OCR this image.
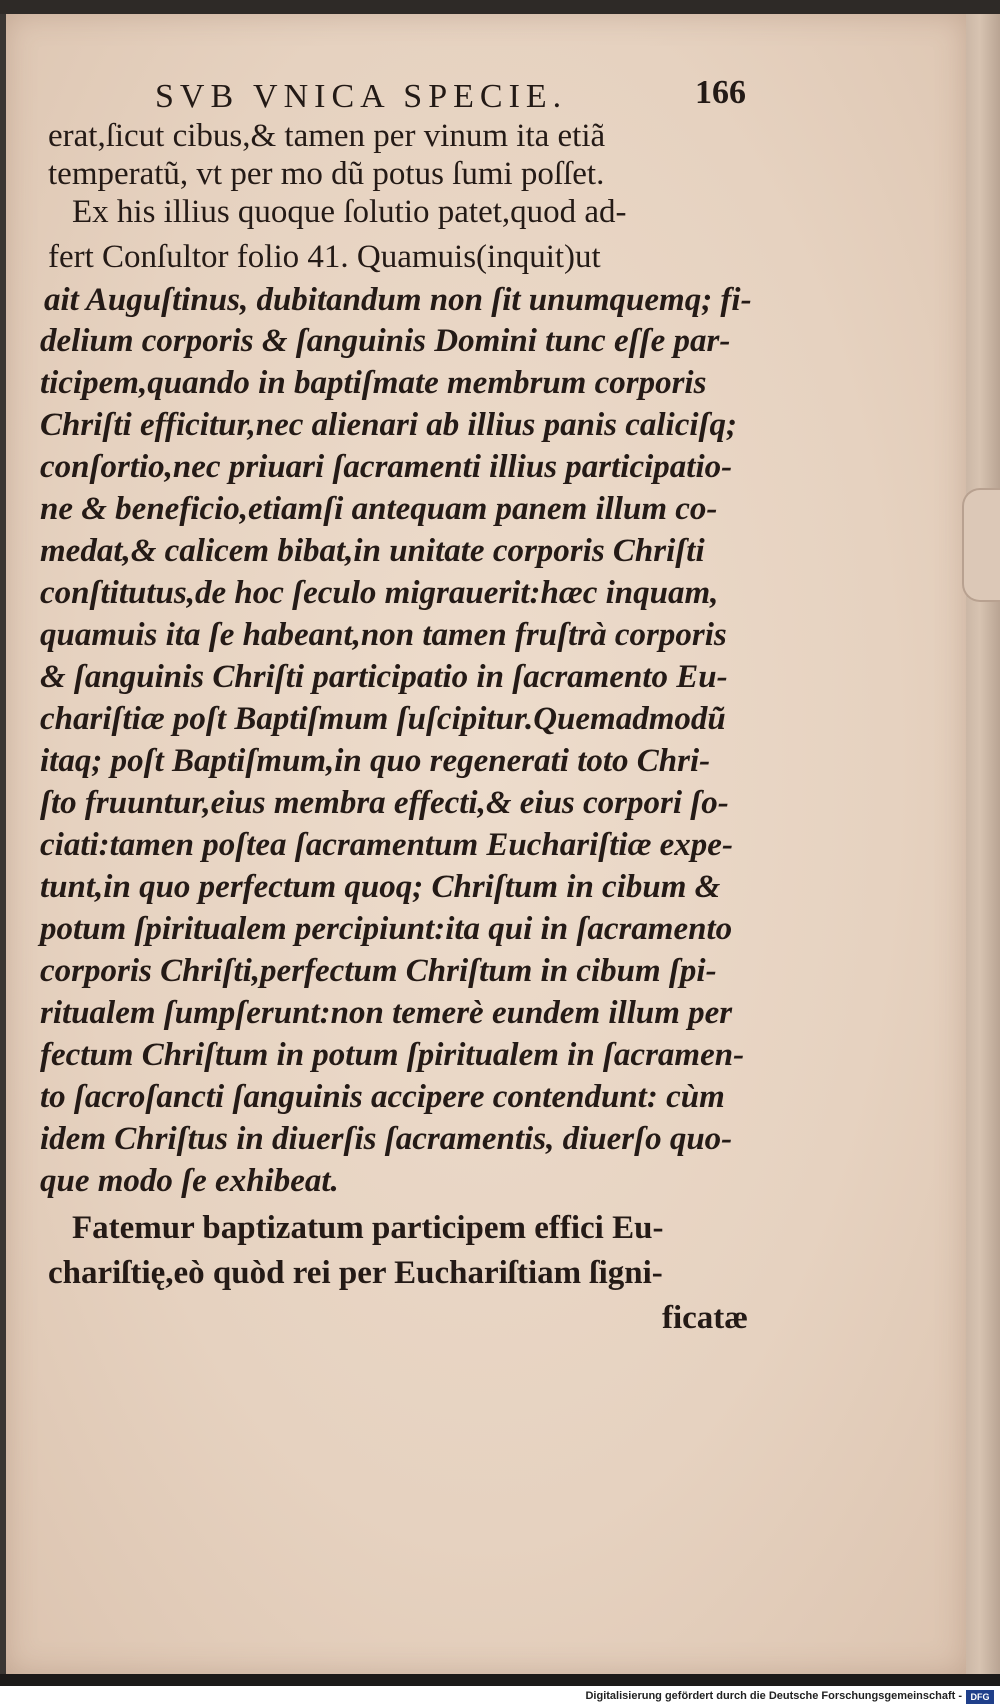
SVB VNICA SPECIE.	166
erat,ſicut cibus,& tamen per vinum ita etiã
temperatũ, vt per mo dũ potus ſumi poſſet.
Ex his illius quoque ſolutio patet,quod ad-
fert Conſultor folio 41. Quamuis(inquit)ut
ait Auguſtinus, dubitandum non ſit unumquemq; fi-
delium corporis & ſanguinis Domini tunc eſſe par-
ticipem,quando in baptiſmate membrum corporis
Chriſti efficitur,nec alienari ab illius panis caliciſq;
conſortio,nec priuari ſacramenti illius participatio-
ne & beneficio,etiamſi antequam panem illum co-
medat,& calicem bibat,in unitate corporis Chriſti
conſtitutus,de hoc ſeculo migrauerit:hæc inquam,
quamuis ita ſe habeant,non tamen fruſtrà corporis
& ſanguinis Chriſti participatio in ſacramento Eu-
chariſtiæ poſt Baptiſmum ſuſcipitur.Quemadmodũ
itaq; poſt Baptiſmum,in quo regenerati toto Chri-
ſto fruuntur,eius membra effecti,& eius corpori ſo-
ciati:tamen poſtea ſacramentum Euchariſtiæ expe-
tunt,in quo perfectum quoq; Chriſtum in cibum &
potum ſpiritualem percipiunt:ita qui in ſacramento
corporis Chriſti,perfectum Chriſtum in cibum ſpi-
ritualem ſumpſerunt:non temerè eundem illum per
fectum Chriſtum in potum ſpiritualem in ſacramen-
to ſacroſancti ſanguinis accipere contendunt: cùm
idem Chriſtus in diuerſis ſacramentis, diuerſo quo-
que modo ſe exhibeat.
Fatemur baptizatum participem effici Eu-
chariſtię,eò quòd rei per Euchariſtiam ſigni-
ficatæ
Digitalisierung gefördert durch die Deutsche Forschungsgemeinschaft - DFG
